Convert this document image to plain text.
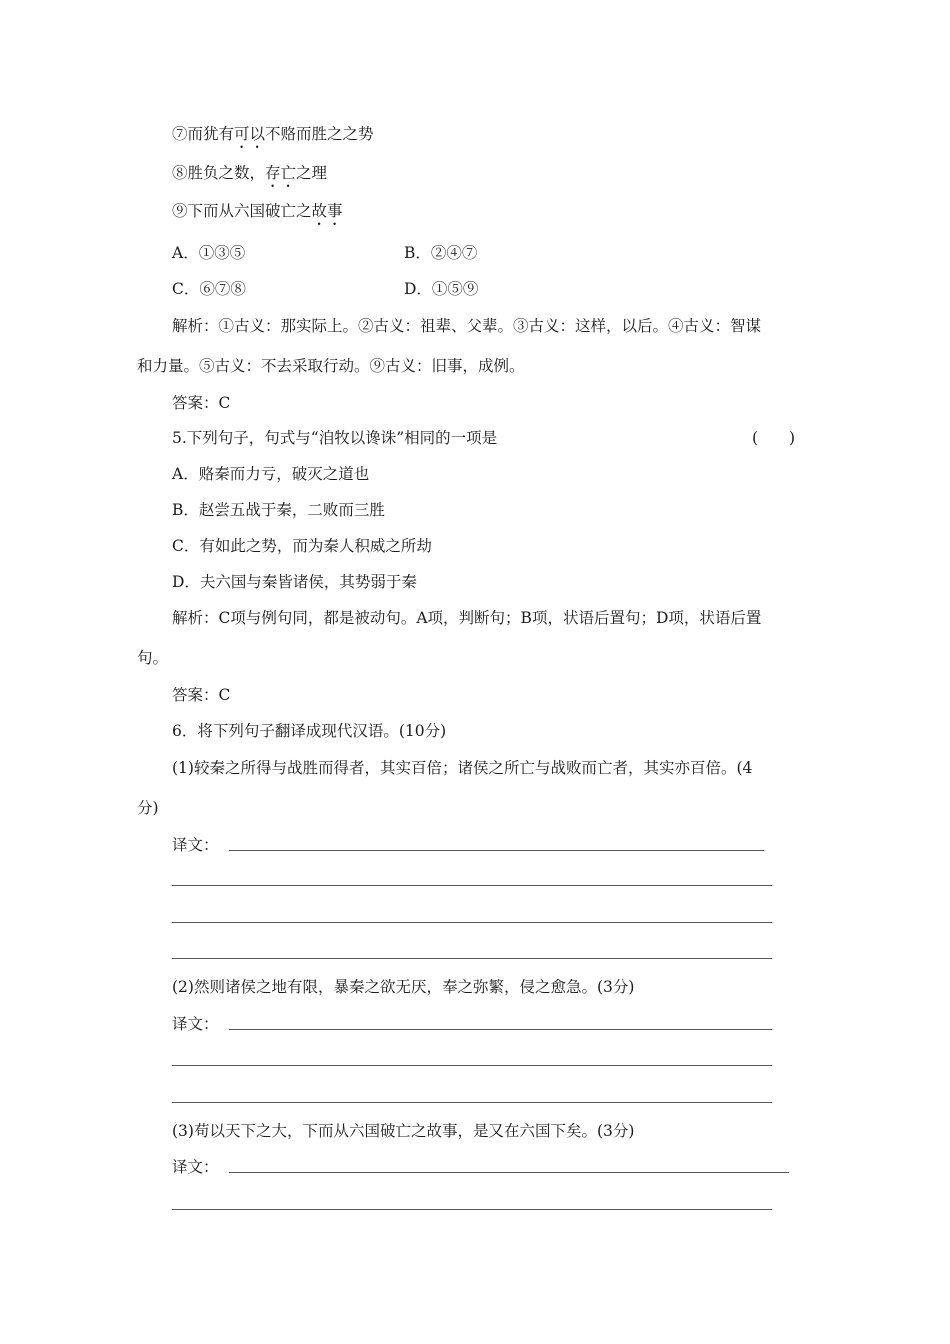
⑦而犹有可以不赂而胜之之势
⑧胜负之数，存亡之理
⑨下而从六国破亡之故事
A．①③⑤	B．②④⑦
C．⑥⑦⑧	D．①⑤⑨
解析：①古义：那实际上。②古义：祖辈、父辈。③古义：这样，以后。④古义：智谋
和力量。⑤古义：不去采取行动。⑨古义：旧事，成例。
答案：C
5.下列句子，句式与“洎牧以谗诛”相同的一项是	(　　)
A．赂秦而力亏，破灭之道也
B．赵尝五战于秦，二败而三胜
C．有如此之势，而为秦人积威之所劫
D．夫六国与秦皆诸侯，其势弱于秦
解析：C项与例句同，都是被动句。A项，判断句；B项，状语后置句；D项，状语后置
句。
答案：C
6．将下列句子翻译成现代汉语。(10分)
(1)较秦之所得与战胜而得者，其实百倍；诸侯之所亡与战败而亡者，其实亦百倍。(4
分)
译文：
(2)然则诸侯之地有限，暴秦之欲无厌，奉之弥繁，侵之愈急。(3分)
译文：
(3)苟以天下之大，下而从六国破亡之故事，是又在六国下矣。(3分)
译文：
